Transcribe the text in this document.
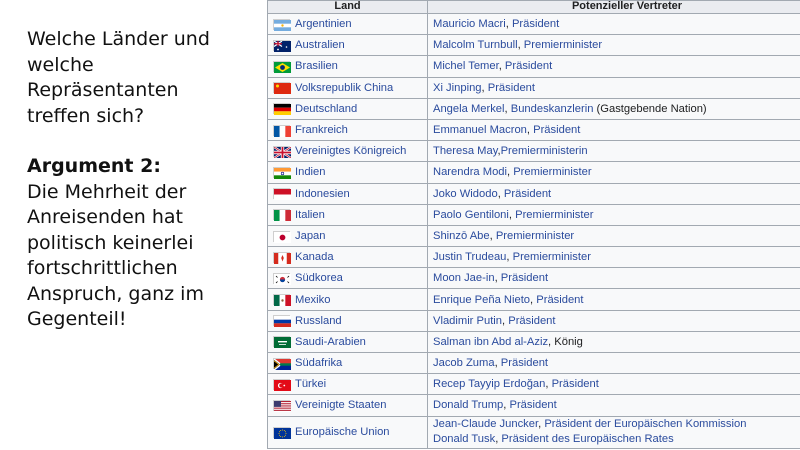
Welche Länder und welche Repräsentanten treffen sich?
Argument 2:
Die Mehrheit der Anreisenden hat politisch keinerlei fortschrittlichen Anspruch, ganz im Gegenteil!
Land	Potenzieller Vertreter

Argentinien	Mauricio Macri, Präsident

Australien	Malcolm Turnbull, Premierminister

Brasilien	Michel Temer, Präsident

Volksrepublik China	Xi Jinping, Präsident

Deutschland	Angela Merkel, Bundeskanzlerin (Gastgebende Nation)

Frankreich	Emmanuel Macron, Präsident

Vereinigtes Königreich	Theresa May,Premierministerin

Indien	Narendra Modi, Premierminister

Indonesien	Joko Widodo, Präsident

Italien	Paolo Gentiloni, Premierminister

Japan	Shinzō Abe, Premierminister

Kanada	Justin Trudeau, Premierminister

Südkorea	Moon Jae-in, Präsident

Mexiko	Enrique Peña Nieto, Präsident

Russland	Vladimir Putin, Präsident

Saudi-Arabien	Salman ibn Abd al-Aziz, König

Südafrika	Jacob Zuma, Präsident

Türkei	Recep Tayyip Erdoğan, Präsident

Vereinigte Staaten	Donald Trump, Präsident

Europäische Union	Jean-Claude Juncker, Präsident der Europäischen Kommission
Donald Tusk, Präsident des Europäischen Rates
